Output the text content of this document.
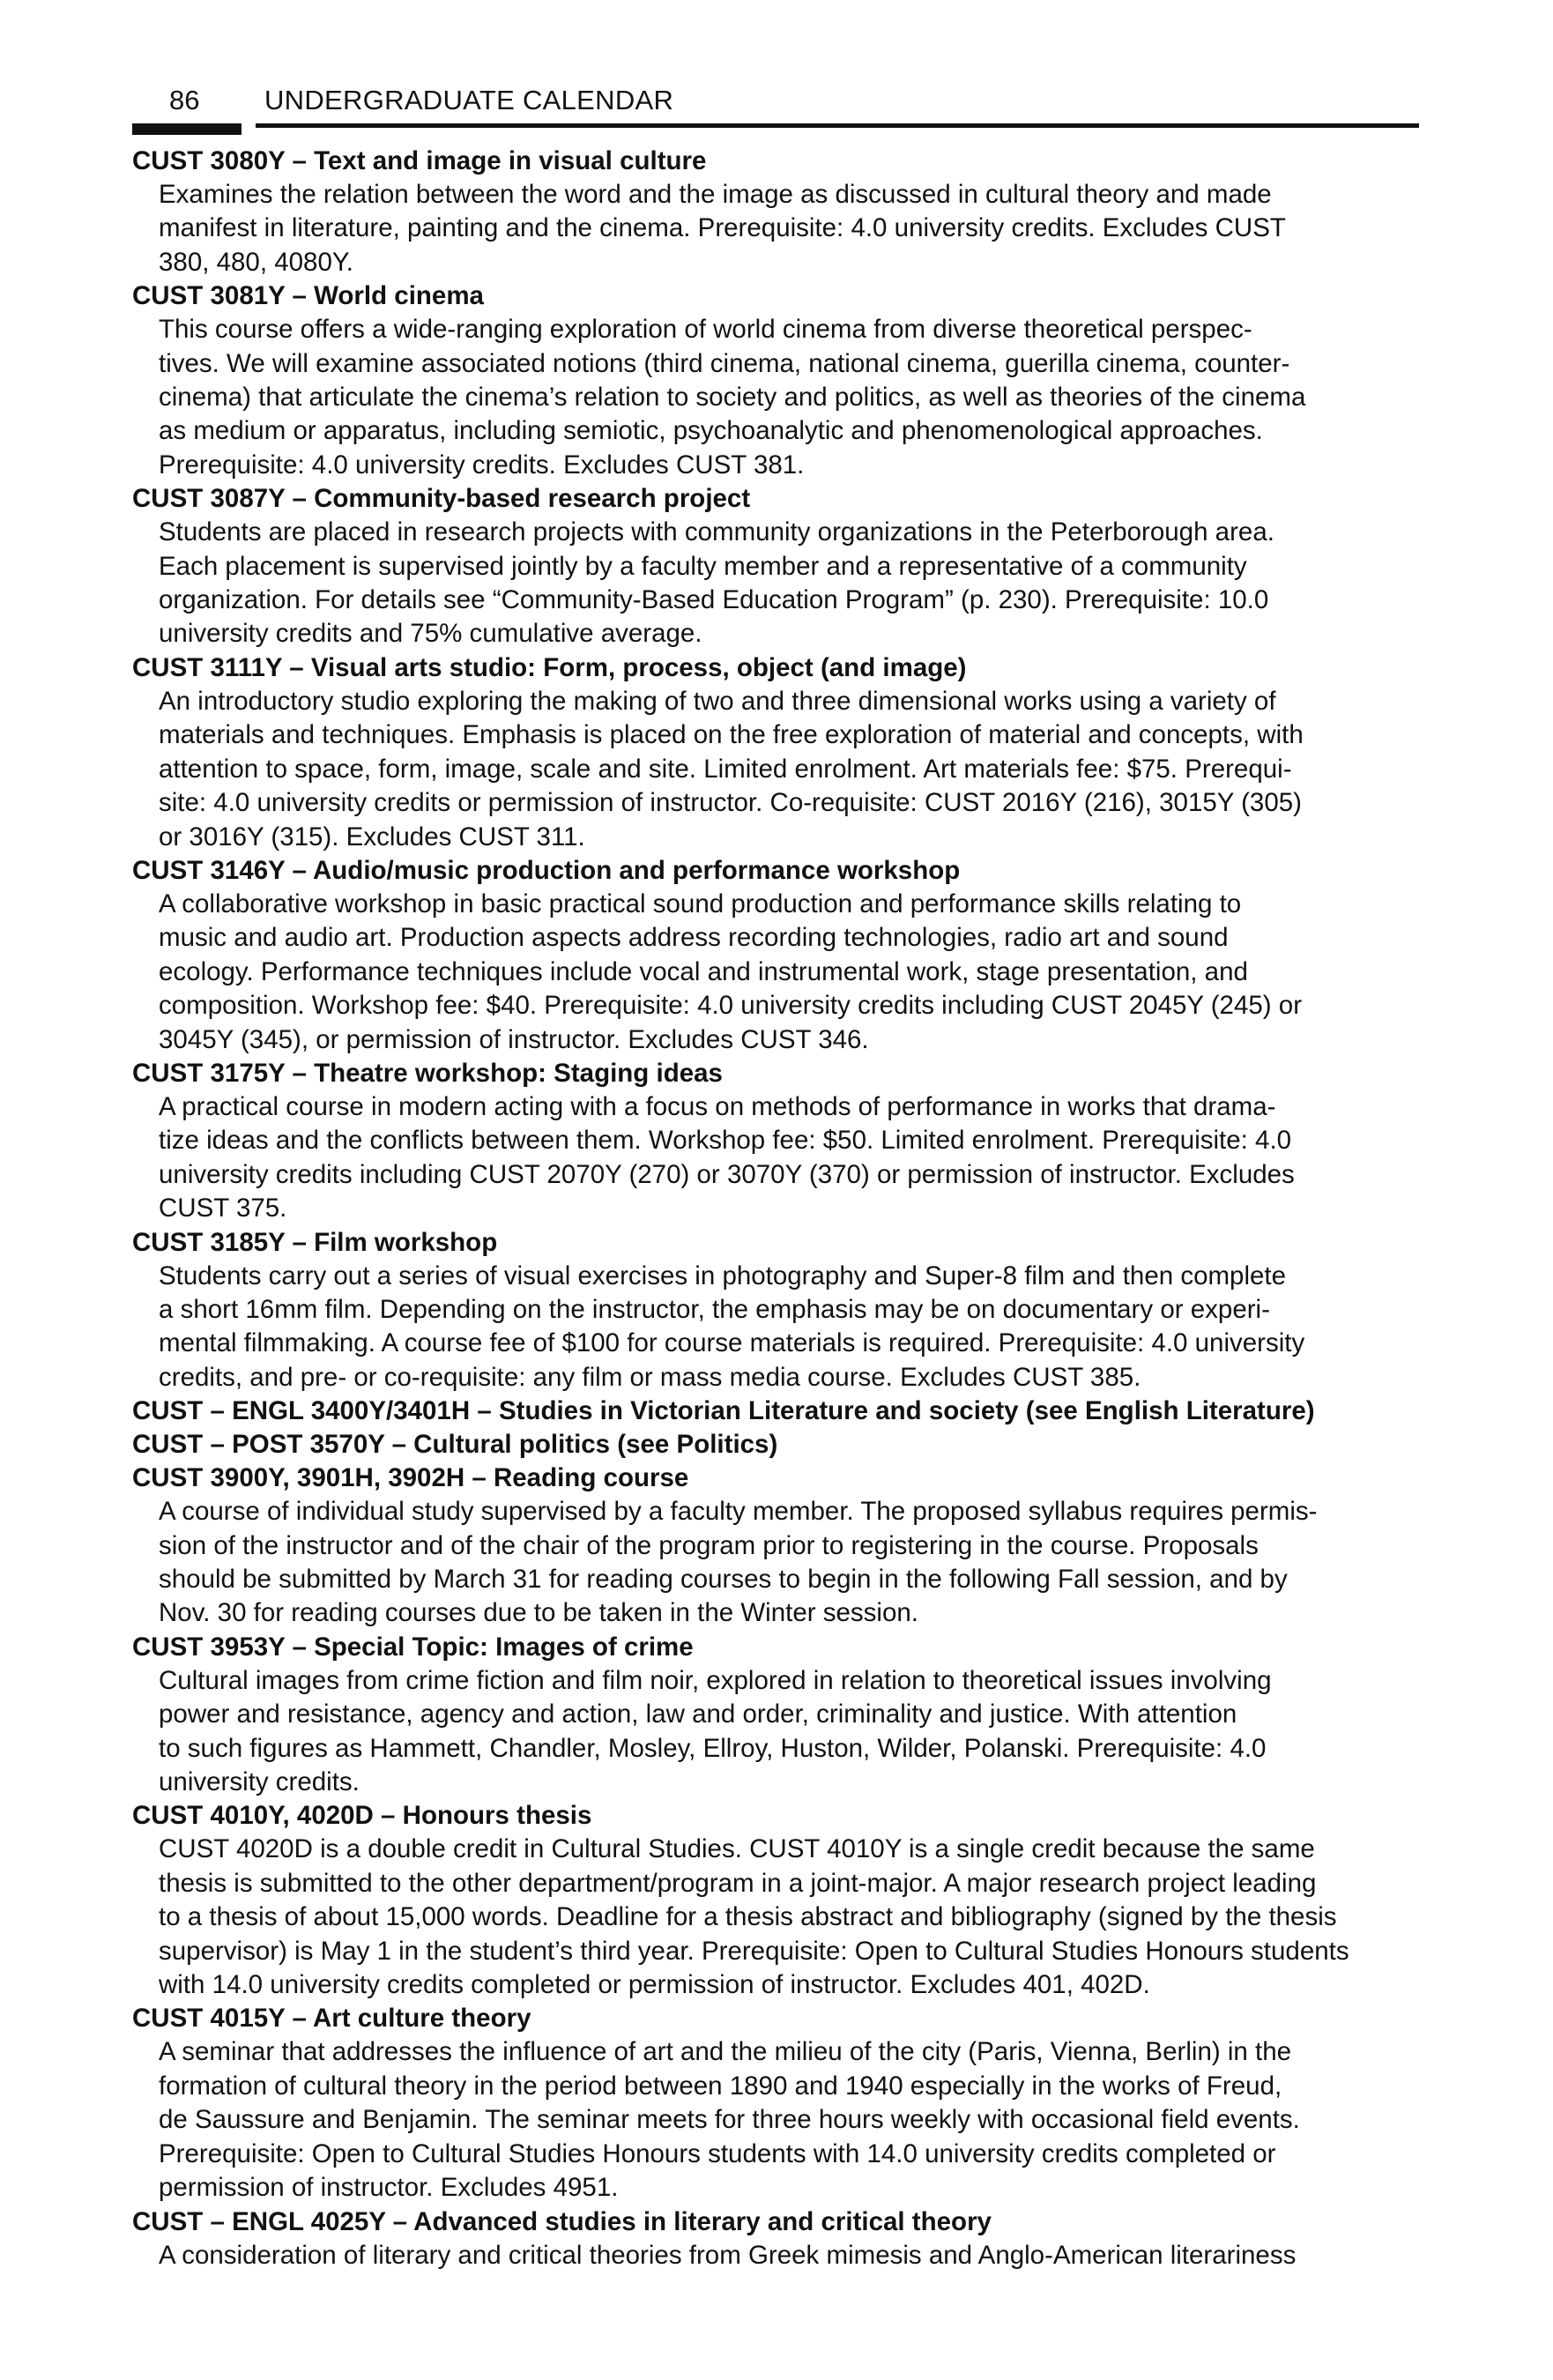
86 UNDERGRADUATE CALENDAR
CUST 3080Y – Text and image in visual culture

Examines the relation between the word and the image as discussed in cultural theory and made
manifest in literature, painting and the cinema. Prerequisite: 4.0 university credits. Excludes CUST
380, 480, 4080Y.

CUST 3081Y – World cinema

This course offers a wide-ranging exploration of world cinema from diverse theoretical perspec-
tives. We will examine associated notions (third cinema, national cinema, guerilla cinema, counter-
cinema) that articulate the cinema’s relation to society and politics, as well as theories of the cinema
as medium or apparatus, including semiotic, psychoanalytic and phenomenological approaches.
Prerequisite: 4.0 university credits. Excludes CUST 381.

CUST 3087Y – Community-based research project

Students are placed in research projects with community organizations in the Peterborough area.
Each placement is supervised jointly by a faculty member and a representative of a community
organization. For details see “Community-Based Education Program” (p. 230). Prerequisite: 10.0
university credits and 75% cumulative average.

CUST 3111Y – Visual arts studio: Form, process, object (and image)

An introductory studio exploring the making of two and three dimensional works using a variety of
materials and techniques. Emphasis is placed on the free exploration of material and concepts, with
attention to space, form, image, scale and site. Limited enrolment. Art materials fee: $75. Prerequi-
site: 4.0 university credits or permission of instructor. Co-requisite: CUST 2016Y (216), 3015Y (305)
or 3016Y (315). Excludes CUST 311.

CUST 3146Y – Audio/music production and performance workshop

A collaborative workshop in basic practical sound production and performance skills relating to
music and audio art. Production aspects address recording technologies, radio art and sound
ecology. Performance techniques include vocal and instrumental work, stage presentation, and
composition. Workshop fee: $40. Prerequisite: 4.0 university credits including CUST 2045Y (245) or
3045Y (345), or permission of instructor. Excludes CUST 346.

CUST 3175Y – Theatre workshop: Staging ideas

A practical course in modern acting with a focus on methods of performance in works that drama-
tize ideas and the conflicts between them. Workshop fee: $50. Limited enrolment. Prerequisite: 4.0
university credits including CUST 2070Y (270) or 3070Y (370) or permission of instructor. Excludes
CUST 375.

CUST 3185Y – Film workshop

Students carry out a series of visual exercises in photography and Super-8 film and then complete
a short 16mm film. Depending on the instructor, the emphasis may be on documentary or experi-
mental filmmaking. A course fee of $100 for course materials is required. Prerequisite: 4.0 university
credits, and pre- or co-requisite: any film or mass media course. Excludes CUST 385.

CUST – ENGL 3400Y/3401H – Studies in Victorian Literature and society (see English Literature)
CUST – POST 3570Y – Cultural politics (see Politics)
CUST 3900Y, 3901H, 3902H – Reading course

A course of individual study supervised by a faculty member. The proposed syllabus requires permis-
sion of the instructor and of the chair of the program prior to registering in the course. Proposals
should be submitted by March 31 for reading courses to begin in the following Fall session, and by
Nov. 30 for reading courses due to be taken in the Winter session.

CUST 3953Y – Special Topic: Images of crime

Cultural images from crime fiction and film noir, explored in relation to theoretical issues involving
power and resistance, agency and action, law and order, criminality and justice. With attention
to such figures as Hammett, Chandler, Mosley, Ellroy, Huston, Wilder, Polanski. Prerequisite: 4.0
university credits.

CUST 4010Y, 4020D – Honours thesis

CUST 4020D is a double credit in Cultural Studies. CUST 4010Y is a single credit because the same
thesis is submitted to the other department/program in a joint-major. A major research project leading
to a thesis of about 15,000 words. Deadline for a thesis abstract and bibliography (signed by the thesis
supervisor) is May 1 in the student’s third year. Prerequisite: Open to Cultural Studies Honours students
with 14.0 university credits completed or permission of instructor. Excludes 401, 402D.

CUST 4015Y – Art culture theory

A seminar that addresses the influence of art and the milieu of the city (Paris, Vienna, Berlin) in the
formation of cultural theory in the period between 1890 and 1940 especially in the works of Freud,
de Saussure and Benjamin. The seminar meets for three hours weekly with occasional field events.
Prerequisite: Open to Cultural Studies Honours students with 14.0 university credits completed or
permission of instructor. Excludes 4951.

CUST – ENGL 4025Y – Advanced studies in literary and critical theory

A consideration of literary and critical theories from Greek mimesis and Anglo-American literariness
